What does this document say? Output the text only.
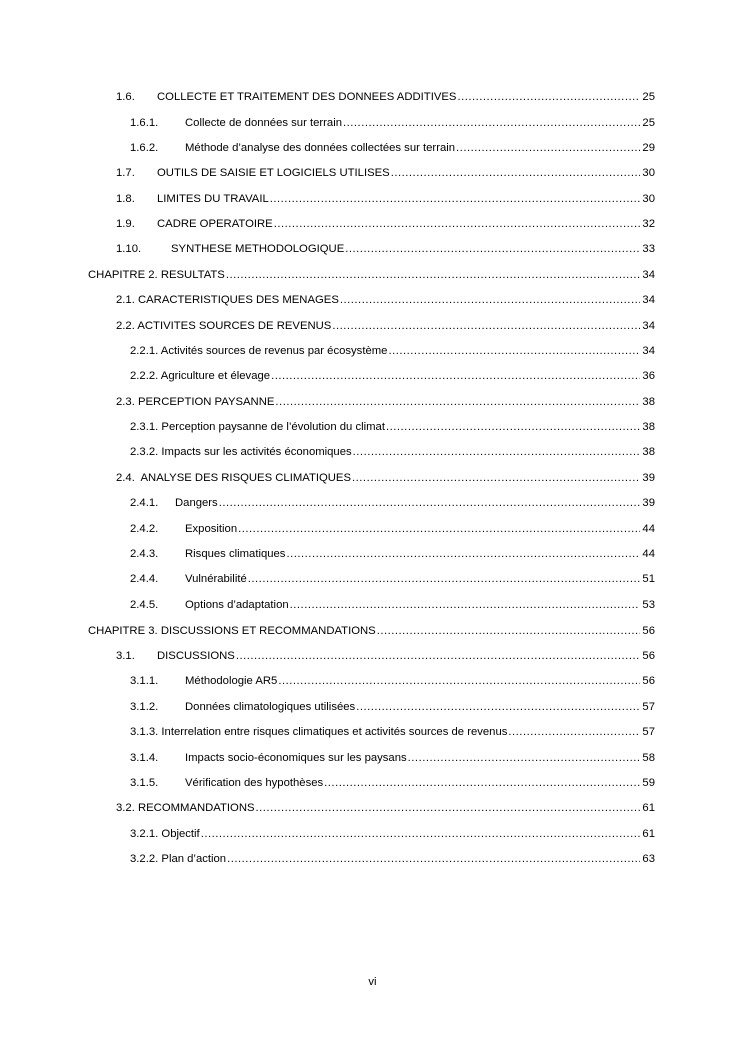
1.6.	COLLECTE ET TRAITEMENT DES DONNEES ADDITIVES .....	25
1.6.1.	Collecte de données sur terrain .....	25
1.6.2.	Méthode d’analyse des données collectées sur terrain .....	29
1.7.	OUTILS DE SAISIE ET LOGICIELS UTILISES .....	30
1.8.	LIMITES DU TRAVAIL .....	30
1.9.	CADRE OPERATOIRE .....	32
1.10.	SYNTHESE METHODOLOGIQUE .....	33
CHAPITRE 2. RESULTATS .....	34
2.1. CARACTERISTIQUES DES MENAGES .....	34
2.2. ACTIVITES SOURCES DE REVENUS .....	34
2.2.1. Activités sources de revenus par écosystème .....	34
2.2.2. Agriculture et élevage .....	36
2.3. PERCEPTION PAYSANNE .....	38
2.3.1. Perception paysanne de l’évolution du climat .....	38
2.3.2. Impacts sur les activités économiques .....	38
2.4.  ANALYSE DES RISQUES CLIMATIQUES .....	39
2.4.1.	Dangers .....	39
2.4.2.	Exposition .....	44
2.4.3.	Risques climatiques .....	44
2.4.4.	Vulnérabilité .....	51
2.4.5.	Options d’adaptation .....	53
CHAPITRE 3. DISCUSSIONS ET RECOMMANDATIONS .....	56
3.1.	DISCUSSIONS .....	56
3.1.1.	Méthodologie AR5 .....	56
3.1.2.	Données climatologiques utilisées .....	57
3.1.3. Interrelation entre risques climatiques et activités sources de revenus .....	57
3.1.4.	Impacts socio-économiques sur les paysans .....	58
3.1.5.	Vérification des hypothèses .....	59
3.2. RECOMMANDATIONS .....	61
3.2.1. Objectif .....	61
3.2.2. Plan d’action .....	63
vi
